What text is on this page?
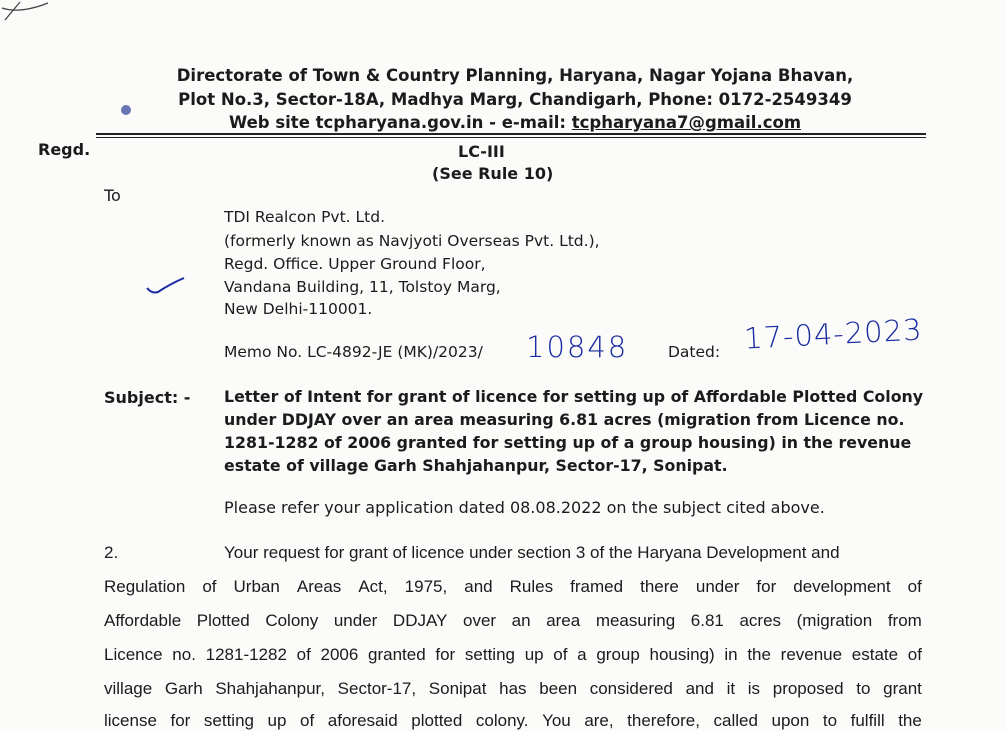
Directorate of Town & Country Planning, Haryana, Nagar Yojana Bhavan,
Plot No.3, Sector-18A, Madhya Marg, Chandigarh, Phone: 0172-2549349
Web site tcpharyana.gov.in - e-mail: tcpharyana7@gmail.com
Regd.	LC-III
(See Rule 10)
To
TDI Realcon Pvt. Ltd.
(formerly known as Navjyoti Overseas Pvt. Ltd.),
Regd. Office. Upper Ground Floor,
Vandana Building, 11, Tolstoy Marg,
New Delhi-110001.
Memo No. LC-4892-JE (MK)/2023/ 10848	Dated: 17-04-2023
Subject: - Letter of Intent for grant of licence for setting up of Affordable Plotted Colony
under DDJAY over an area measuring 6.81 acres (migration from Licence no.
1281-1282 of 2006 granted for setting up of a group housing) in the revenue
estate of village Garh Shahjahanpur, Sector-17, Sonipat.
Please refer your application dated 08.08.2022 on the subject cited above.
2.	Your request for grant of licence under section 3 of the Haryana Development and
Regulation of Urban Areas Act, 1975, and Rules framed there under for development of
Affordable Plotted Colony under DDJAY over an area measuring 6.81 acres (migration from
Licence no. 1281-1282 of 2006 granted for setting up of a group housing) in the revenue estate of
village Garh Shahjahanpur, Sector-17, Sonipat has been considered and it is proposed to grant
license for setting up of aforesaid plotted colony. You are, therefore, called upon to fulfill the
